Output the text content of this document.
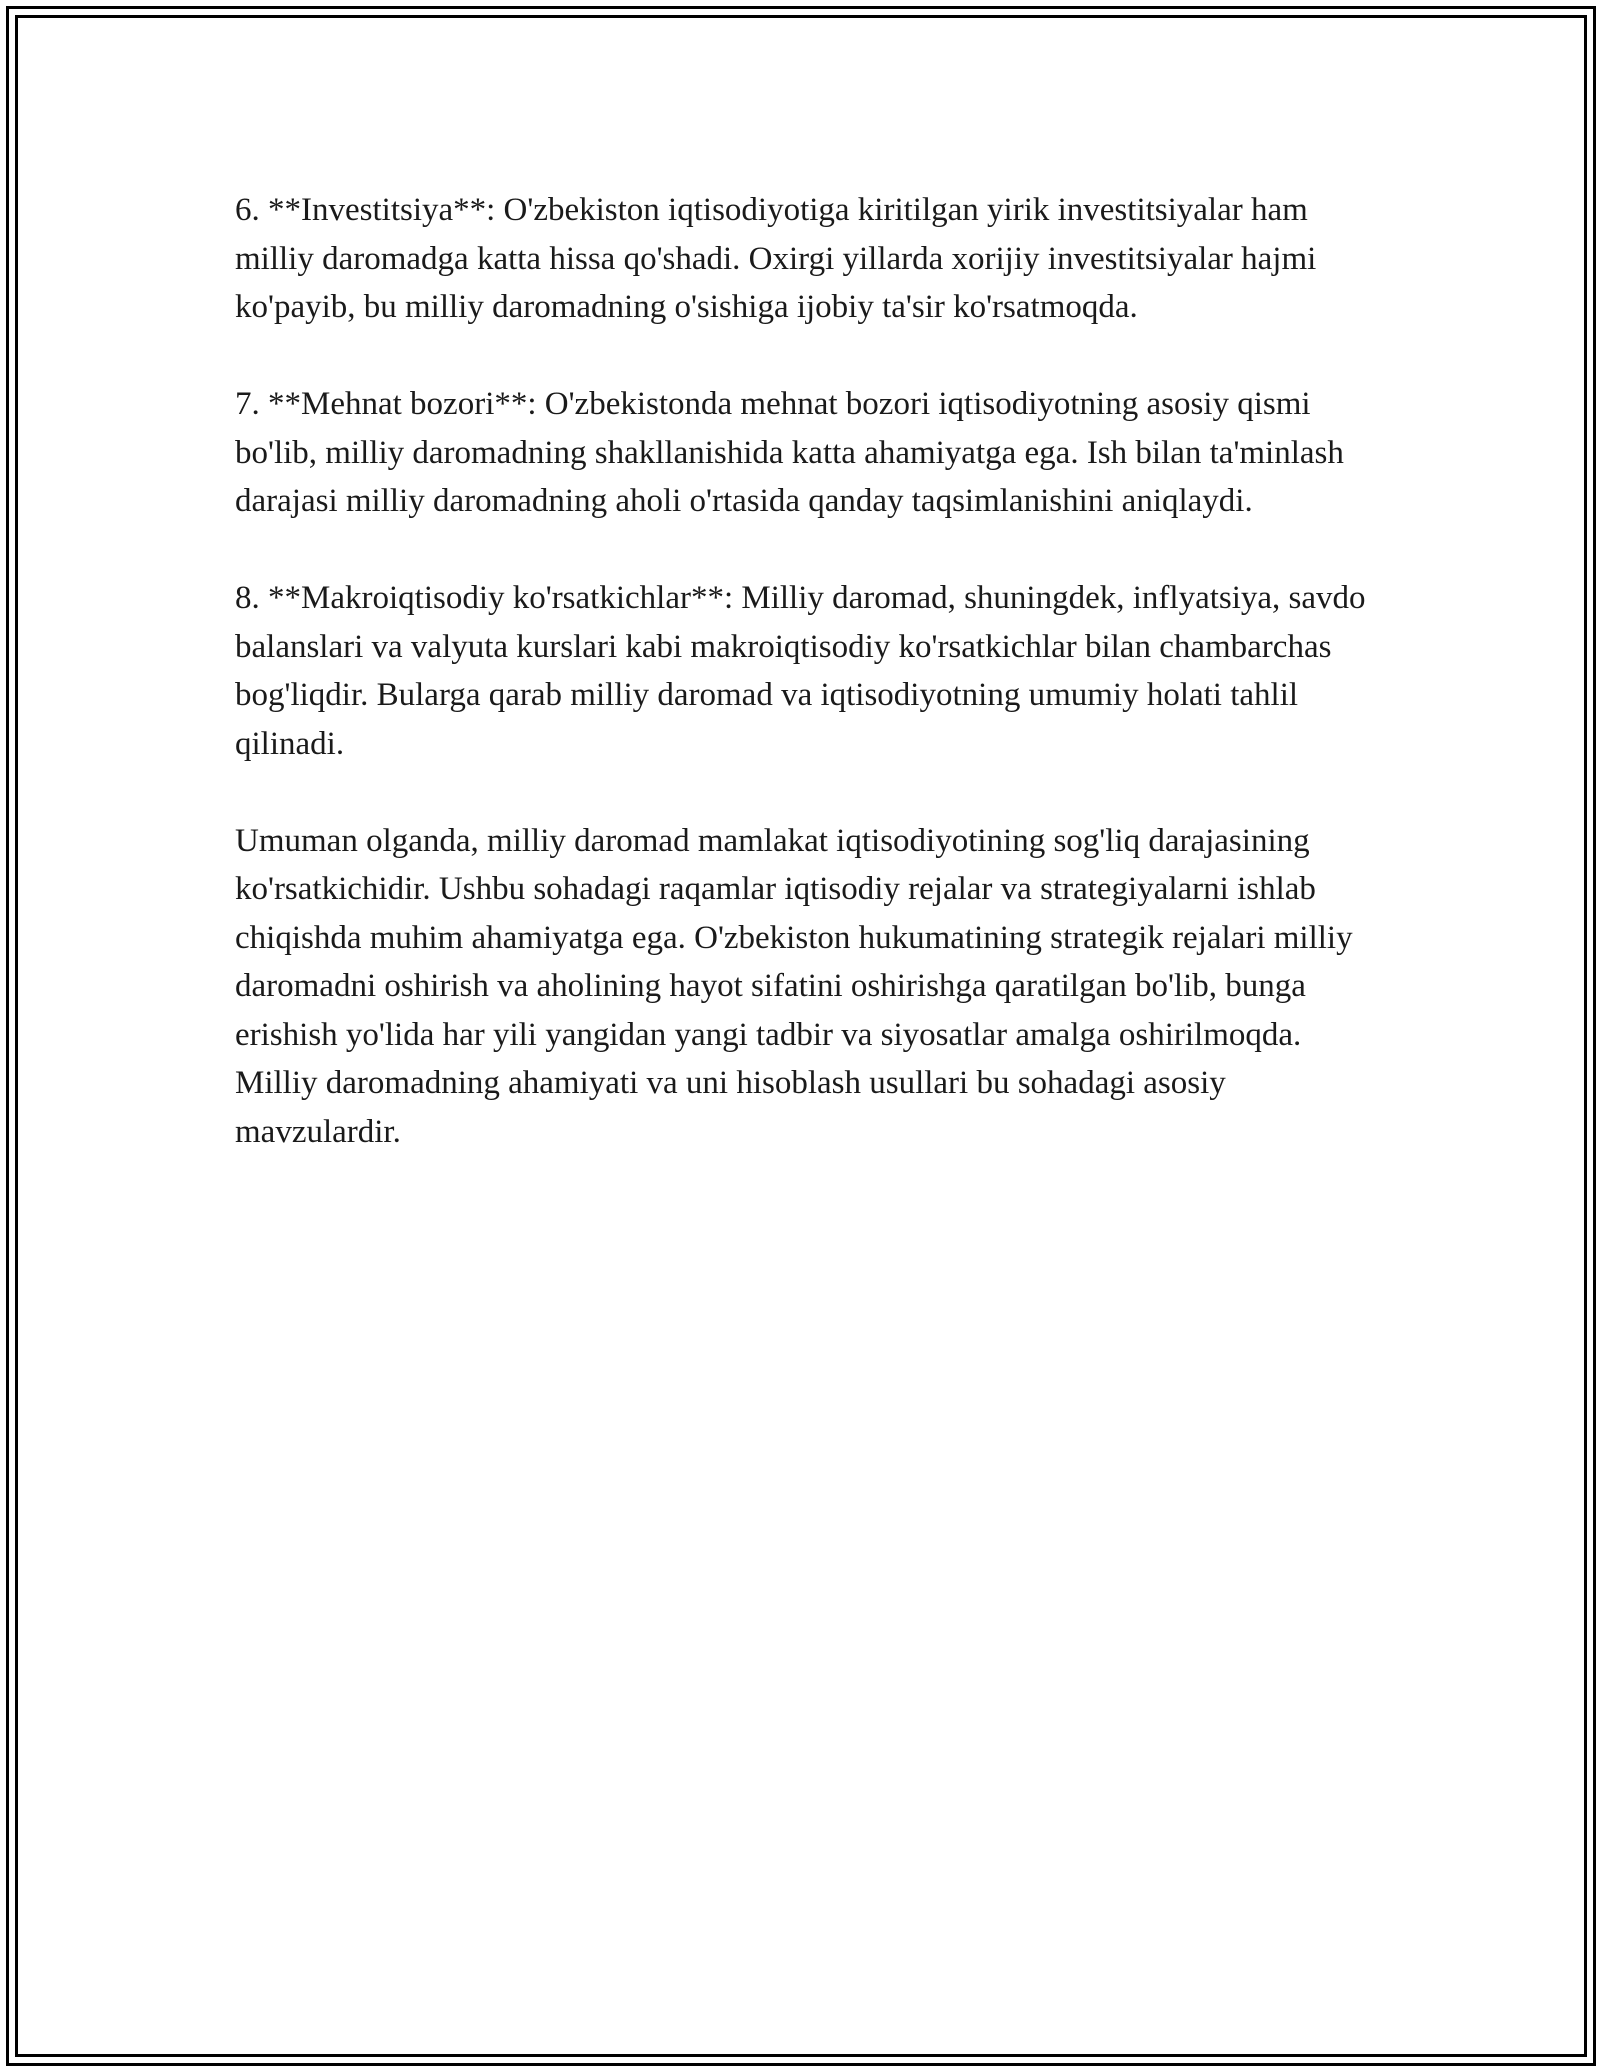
6. **Investitsiya**: O'zbekiston iqtisodiyotiga kiritilgan yirik investitsiyalar ham milliy daromadga katta hissa qo'shadi. Oxirgi yillarda xorijiy investitsiyalar hajmi ko'payib, bu milliy daromadning o'sishiga ijobiy ta'sir ko'rsatmoqda.

7. **Mehnat bozori**: O'zbekistonda mehnat bozori iqtisodiyotning asosiy qismi bo'lib, milliy daromadning shakllanishida katta ahamiyatga ega. Ish bilan ta'minlash darajasi milliy daromadning aholi o'rtasida qanday taqsimlanishini aniqlaydi.

8. **Makroiqtisodiy ko'rsatkichlar**: Milliy daromad, shuningdek, inflyatsiya, savdo balanslari va valyuta kurslari kabi makroiqtisodiy ko'rsatkichlar bilan chambarchas bog'liqdir. Bularga qarab milliy daromad va iqtisodiyotning umumiy holati tahlil qilinadi.

Umuman olganda, milliy daromad mamlakat iqtisodiyotining sog'liq darajasining ko'rsatkichidir. Ushbu sohadagi raqamlar iqtisodiy rejalar va strategiyalarni ishlab chiqishda muhim ahamiyatga ega. O'zbekiston hukumatining strategik rejalari milliy daromadni oshirish va aholining hayot sifatini oshirishga qaratilgan bo'lib, bunga erishish yo'lida har yili yangidan yangi tadbir va siyosatlar amalga oshirilmoqda. Milliy daromadning ahamiyati va uni hisoblash usullari bu sohadagi asosiy mavzulardir.
